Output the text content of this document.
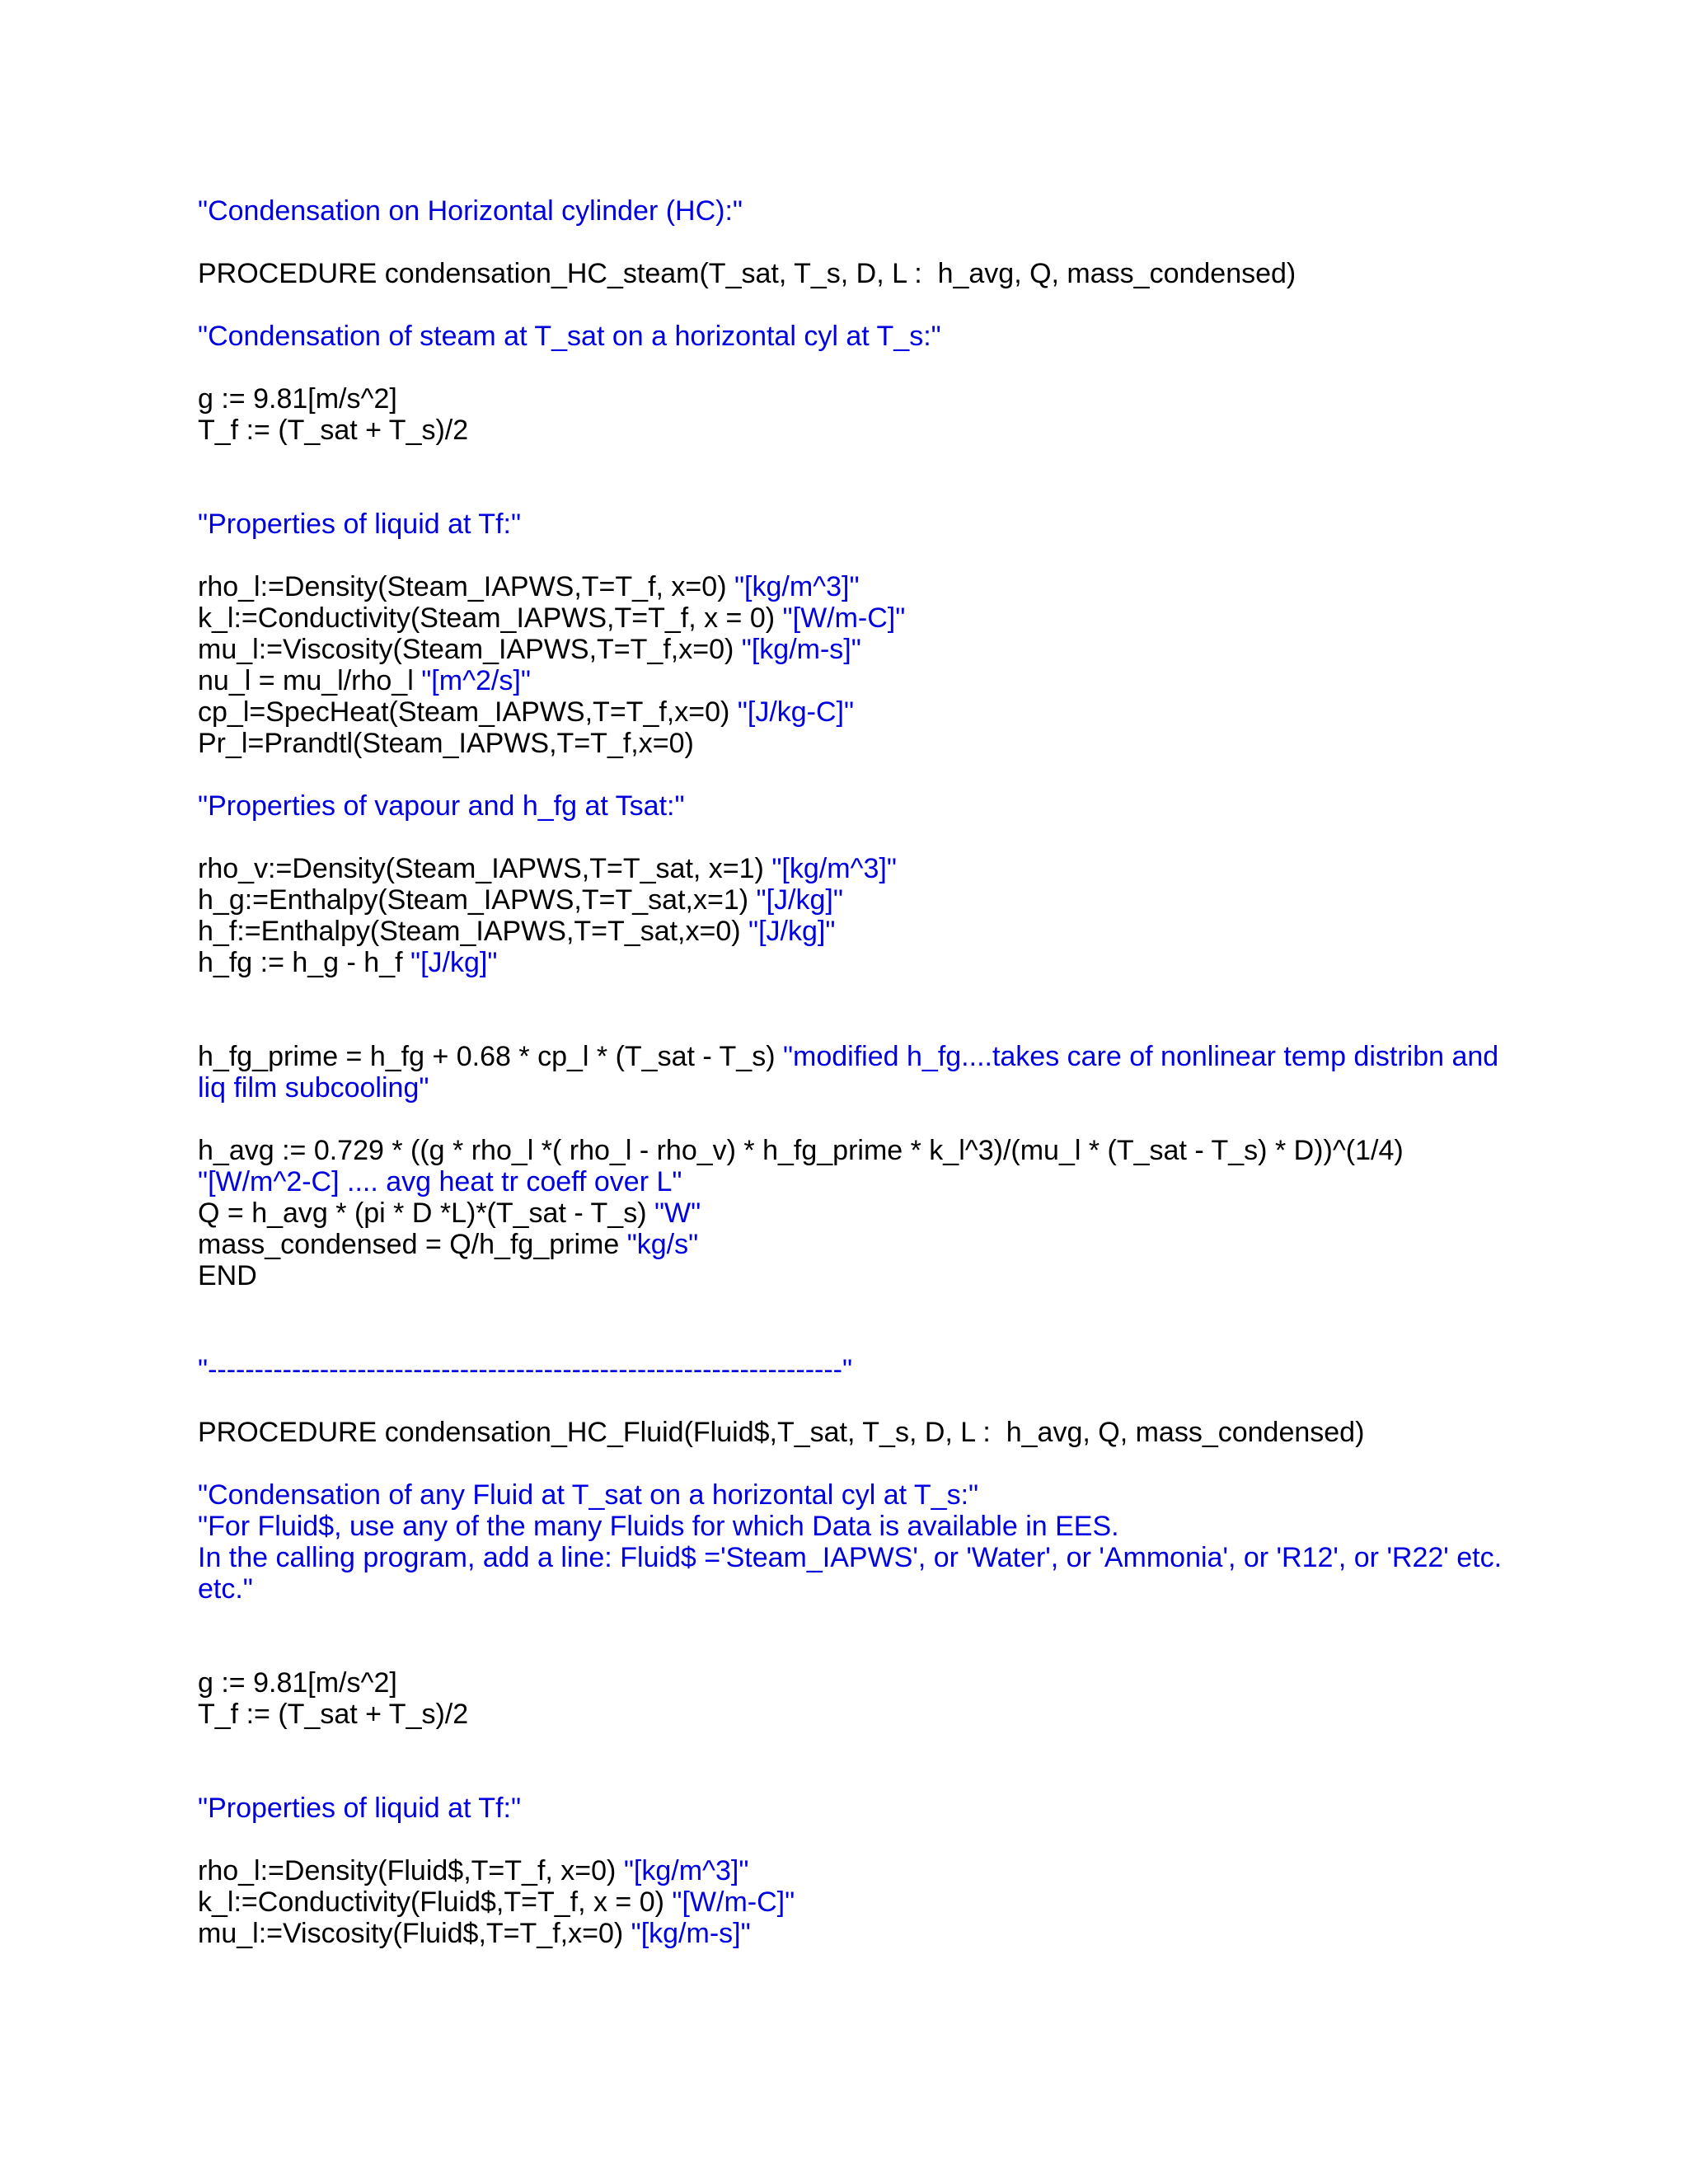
"Condensation on Horizontal cylinder (HC):"
PROCEDURE condensation_HC_steam(T_sat, T_s, D, L :  h_avg, Q, mass_condensed)
"Condensation of steam at T_sat on a horizontal cyl at T_s:"
g := 9.81[m/s^2]
T_f := (T_sat + T_s)/2
"Properties of liquid at Tf:"
rho_l:=Density(Steam_IAPWS,T=T_f, x=0) "[kg/m^3]"
k_l:=Conductivity(Steam_IAPWS,T=T_f, x = 0) "[W/m-C]"
mu_l:=Viscosity(Steam_IAPWS,T=T_f,x=0) "[kg/m-s]"
nu_l = mu_l/rho_l "[m^2/s]"
cp_l=SpecHeat(Steam_IAPWS,T=T_f,x=0) "[J/kg-C]"
Pr_l=Prandtl(Steam_IAPWS,T=T_f,x=0)
"Properties of vapour and h_fg at Tsat:"
rho_v:=Density(Steam_IAPWS,T=T_sat, x=1) "[kg/m^3]"
h_g:=Enthalpy(Steam_IAPWS,T=T_sat,x=1) "[J/kg]"
h_f:=Enthalpy(Steam_IAPWS,T=T_sat,x=0) "[J/kg]"
h_fg := h_g - h_f "[J/kg]"
h_fg_prime = h_fg + 0.68 * cp_l * (T_sat - T_s) "modified h_fg....takes care of nonlinear temp distribn and
liq film subcooling"
h_avg := 0.729 * ((g * rho_l *( rho_l - rho_v) * h_fg_prime * k_l^3)/(mu_l * (T_sat - T_s) * D))^(1/4)
"[W/m^2-C] .... avg heat tr coeff over L"
Q = h_avg * (pi * D *L)*(T_sat - T_s) "W"
mass_condensed = Q/h_fg_prime "kg/s"
END
"--------------------------------------------------------------------"
PROCEDURE condensation_HC_Fluid(Fluid$,T_sat, T_s, D, L :  h_avg, Q, mass_condensed)
"Condensation of any Fluid at T_sat on a horizontal cyl at T_s:"
"For Fluid$, use any of the many Fluids for which Data is available in EES.
In the calling program, add a line: Fluid$ ='Steam_IAPWS', or 'Water', or 'Ammonia', or 'R12', or 'R22' etc.
etc."
g := 9.81[m/s^2]
T_f := (T_sat + T_s)/2
"Properties of liquid at Tf:"
rho_l:=Density(Fluid$,T=T_f, x=0) "[kg/m^3]"
k_l:=Conductivity(Fluid$,T=T_f, x = 0) "[W/m-C]"
mu_l:=Viscosity(Fluid$,T=T_f,x=0) "[kg/m-s]"
